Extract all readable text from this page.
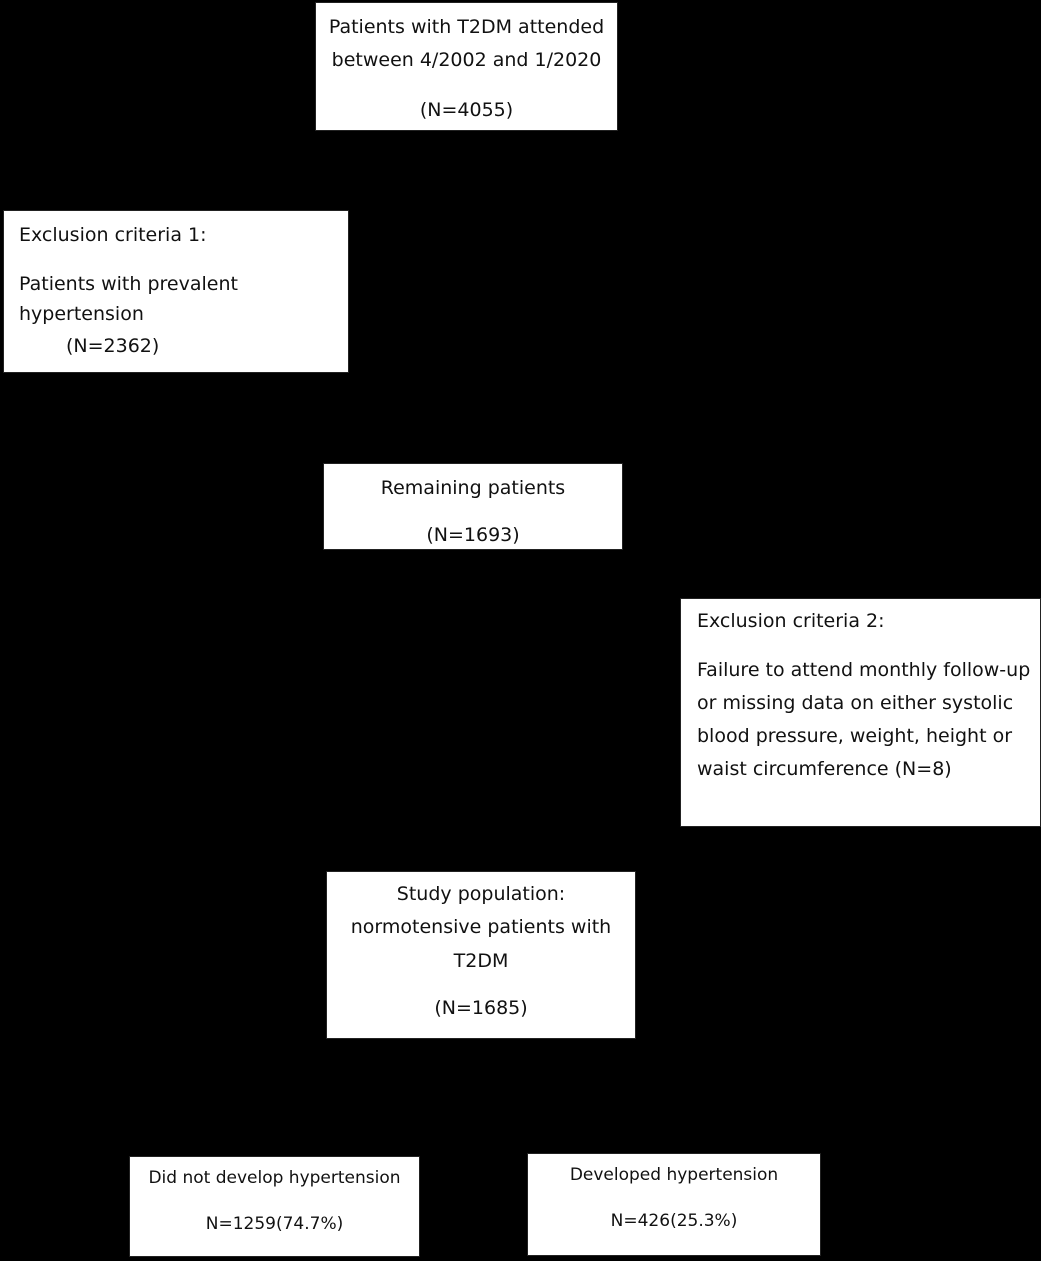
Patients with T2DM attended
between 4/2002 and 1/2020
(N=4055)
Exclusion criteria 1:
Patients with prevalent
hypertension
(N=2362)
Remaining patients
(N=1693)
Exclusion criteria 2:
Failure to attend monthly follow-up
or missing data on either systolic
blood pressure, weight, height or
waist circumference (N=8)
Study population:
normotensive patients with
T2DM
(N=1685)
Did not develop hypertension
N=1259(74.7%)
Developed hypertension
N=426(25.3%)
